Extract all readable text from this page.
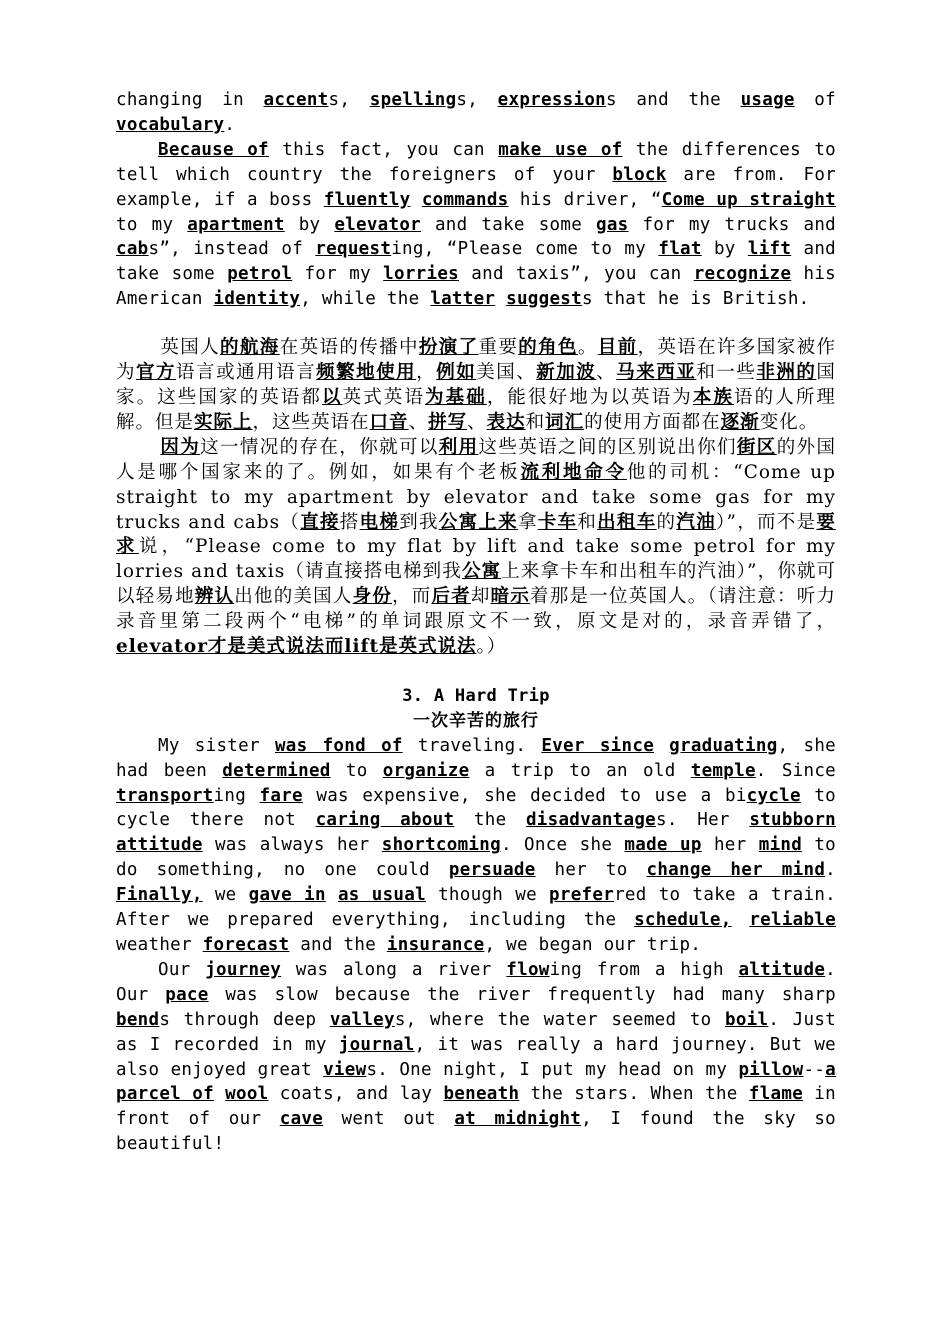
changing in accents, spellings, expressions and the usage of vocabulary.

Because of this fact, you can make use of the differences to tell which country the foreigners of your block are from. For example, if a boss fluently commands his driver, “Come up straight to my apartment by elevator and take some gas for my trucks and cabs”, instead of requesting, “Please come to my flat by lift and take some petrol for my lorries and taxis”, you can recognize his American identity, while the latter suggests that he is British.

英国人的航海在英语的传播中扮演了重要的角色。目前，英语在许多国家被作为官方语言或通用语言频繁地使用，例如美国、新加波、马来西亚和一些非洲的国家。这些国家的英语都以英式英语为基础，能很好地为以英语为本族语的人所理解。但是实际上，这些英语在口音、拼写、表达和词汇的使用方面都在逐渐变化。

因为这一情况的存在，你就可以利用这些英语之间的区别说出你们街区的外国人是哪个国家来的了。例如，如果有个老板流利地命令他的司机：“Come up straight to my apartment by elevator and take some gas for my trucks and cabs（直接搭电梯到我公寓上来拿卡车和出租车的汽油）”，而不是要求说，“Please come to my flat by lift and take some petrol for my lorries and taxis（请直接搭电梯到我公寓上来拿卡车和出租车的汽油）”，你就可以轻易地辨认出他的美国人身份，而后者却暗示着那是一位英国人。（请注意：听力录音里第二段两个“电梯”的单词跟原文不一致，原文是对的，录音弄错了，elevator才是美式说法而lift是英式说法。）

3. A Hard Trip

一次辛苦的旅行

My sister was fond of traveling. Ever since graduating, she had been determined to organize a trip to an old temple. Since transporting fare was expensive, she decided to use a bicycle to cycle there not caring about the disadvantages. Her stubborn attitude was always her shortcoming. Once she made up her mind to do something, no one could persuade her to change her mind. Finally, we gave in as usual though we preferred to take a train. After we prepared everything, including the schedule, reliable weather forecast and the insurance, we began our trip.

Our journey was along a river flowing from a high altitude. Our pace was slow because the river frequently had many sharp bends through deep valleys, where the water seemed to boil. Just as I recorded in my journal, it was really a hard journey. But we also enjoyed great views. One night, I put my head on my pillow--a parcel of wool coats, and lay beneath the stars. When the flame in front of our cave went out at midnight, I found the sky so beautiful!
